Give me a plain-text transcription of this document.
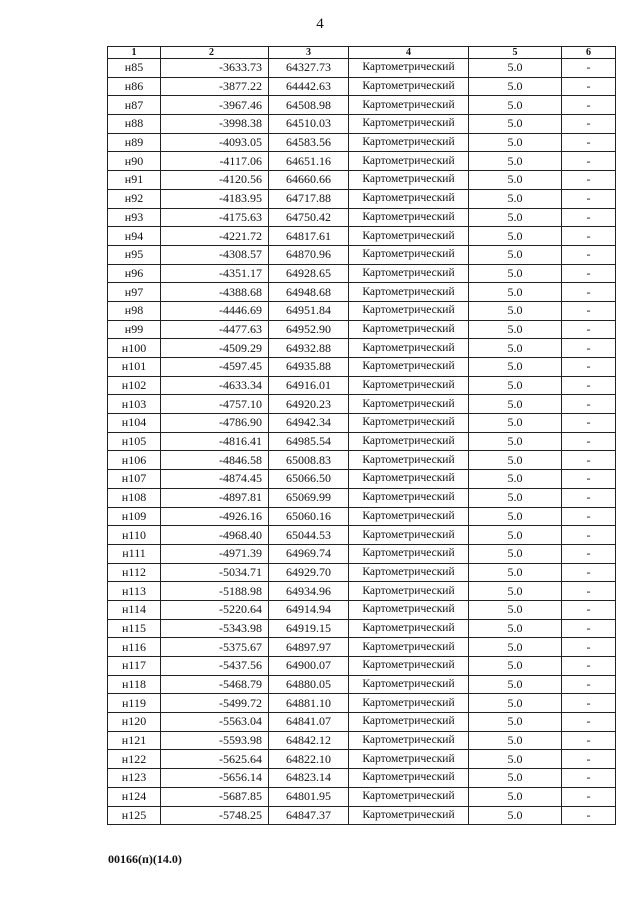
4
1	2	3	4	5	6
н85	-3633.73	64327.73	Картометрический	5.0	-
н86	-3877.22	64442.63	Картометрический	5.0	-
н87	-3967.46	64508.98	Картометрический	5.0	-
н88	-3998.38	64510.03	Картометрический	5.0	-
н89	-4093.05	64583.56	Картометрический	5.0	-
н90	-4117.06	64651.16	Картометрический	5.0	-
н91	-4120.56	64660.66	Картометрический	5.0	-
н92	-4183.95	64717.88	Картометрический	5.0	-
н93	-4175.63	64750.42	Картометрический	5.0	-
н94	-4221.72	64817.61	Картометрический	5.0	-
н95	-4308.57	64870.96	Картометрический	5.0	-
н96	-4351.17	64928.65	Картометрический	5.0	-
н97	-4388.68	64948.68	Картометрический	5.0	-
н98	-4446.69	64951.84	Картометрический	5.0	-
н99	-4477.63	64952.90	Картометрический	5.0	-
н100	-4509.29	64932.88	Картометрический	5.0	-
н101	-4597.45	64935.88	Картометрический	5.0	-
н102	-4633.34	64916.01	Картометрический	5.0	-
н103	-4757.10	64920.23	Картометрический	5.0	-
н104	-4786.90	64942.34	Картометрический	5.0	-
н105	-4816.41	64985.54	Картометрический	5.0	-
н106	-4846.58	65008.83	Картометрический	5.0	-
н107	-4874.45	65066.50	Картометрический	5.0	-
н108	-4897.81	65069.99	Картометрический	5.0	-
н109	-4926.16	65060.16	Картометрический	5.0	-
н110	-4968.40	65044.53	Картометрический	5.0	-
н111	-4971.39	64969.74	Картометрический	5.0	-
н112	-5034.71	64929.70	Картометрический	5.0	-
н113	-5188.98	64934.96	Картометрический	5.0	-
н114	-5220.64	64914.94	Картометрический	5.0	-
н115	-5343.98	64919.15	Картометрический	5.0	-
н116	-5375.67	64897.97	Картометрический	5.0	-
н117	-5437.56	64900.07	Картометрический	5.0	-
н118	-5468.79	64880.05	Картометрический	5.0	-
н119	-5499.72	64881.10	Картометрический	5.0	-
н120	-5563.04	64841.07	Картометрический	5.0	-
н121	-5593.98	64842.12	Картометрический	5.0	-
н122	-5625.64	64822.10	Картометрический	5.0	-
н123	-5656.14	64823.14	Картометрический	5.0	-
н124	-5687.85	64801.95	Картометрический	5.0	-
н125	-5748.25	64847.37	Картометрический	5.0	-
00166(п)(14.0)
